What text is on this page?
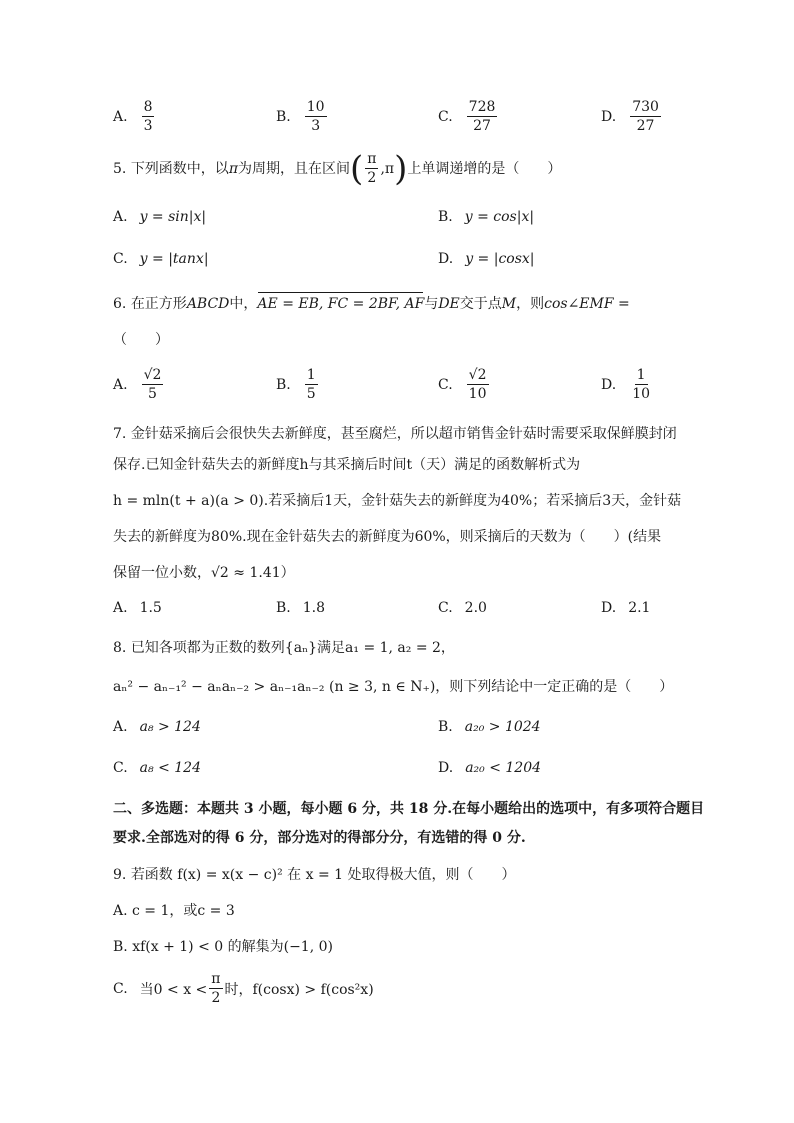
A. $\frac{8}{3}$	B. $\frac{10}{3}$	C. $\frac{728}{27}$	D. $\frac{730}{27}$
5.
下列函数中，以 π 为周期，且在区间 ( $\frac{\pi}{2} ,\pi$ ) 上单调递增的是（　　）
A. y = sin|x|	B. y = cos|x|
C. y = |tanx|	D. y = |cosx|
6. 在正方形ABCD中，AE = EB, FC = 2BF, AF与DE交于点M，则cos∠EMF =
（　　）
A. $\frac{√2}{5}$	B. $\frac{1}{5}$	C. $\frac{√2}{10}$	D. $\frac{1}{10}$
7. 金针菇采摘后会很快失去新鲜度，甚至腐烂，所以超市销售金针菇时需要采取保鲜膜封闭
保存.已知金针菇失去的新鲜度h与其采摘后时间t（天）满足的函数解析式为
h = mln(t + a)(a > 0).若采摘后1天，金针菇失去的新鲜度为40%；若采摘后3天，金针菇
失去的新鲜度为80%.现在金针菇失去的新鲜度为60%，则采摘后的天数为（　　）(结果
保留一位小数，√2 ≈ 1.41）
A. 1.5	B. 1.8	C. 2.0	D. 2.1
8. 已知各项都为正数的数列{aₙ}满足a₁ = 1, a₂ = 2，
aₙ² − aₙ₋₁² − aₙaₙ₋₂ > aₙ₋₁aₙ₋₂ (n ≥ 3, n ∈ N₊)，则下列结论中一定正确的是（　　）
A. a₈ > 124	B. a₂₀ > 1024
C. a₈ < 124	D. a₂₀ < 1204
二、多选题：本题共 3 小题，每小题 6 分，共 18 分.在每小题给出的选项中，有多项符合题目
要求.全部选对的得 6 分，部分选对的得部分分，有选错的得 0 分.
9. 若函数 f(x) = x(x − c)² 在 x = 1 处取得极大值，则（　　）
A. c = 1，或c = 3
B. xf(x + 1) < 0 的解集为(−1, 0)
C. 当$0 < x < \frac{\pi}{2}$ 时，f(cosx) > f(cos²x)
